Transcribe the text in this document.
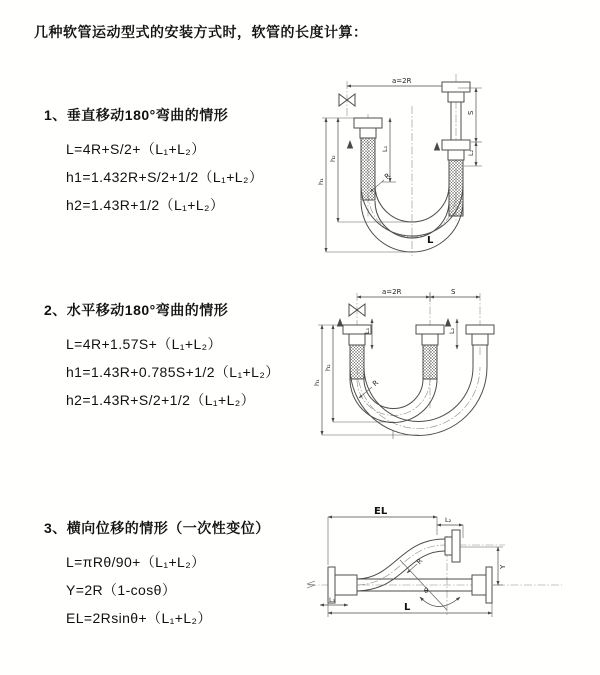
几种软管运动型式的安装方式时，软管的长度计算：
1、垂直移动180°弯曲的情形
L=4R+S/2+（L₁+L₂）
h1=1.432R+S/2+1/2（L₁+L₂）
h2=1.43R+1/2（L₁+L₂）
2、水平移动180°弯曲的情形
L=4R+1.57S+（L₁+L₂）
h1=1.43R+0.785S+1/2（L₁+L₂）
h2=1.43R+S/2+1/2（L₁+L₂）
3、横向位移的情形（一次性变位）
L=πRθ/90+（L₁+L₂）
Y=2R（1-cosθ）
EL=2Rsinθ+（L₁+L₂）
a=2R
h₁
h₂
L₁
S
L₂
R
L
a=2R	S
h₁
h₂
L₁	L₂
R
EL
L₂
Y
L
L₁
R
θ
